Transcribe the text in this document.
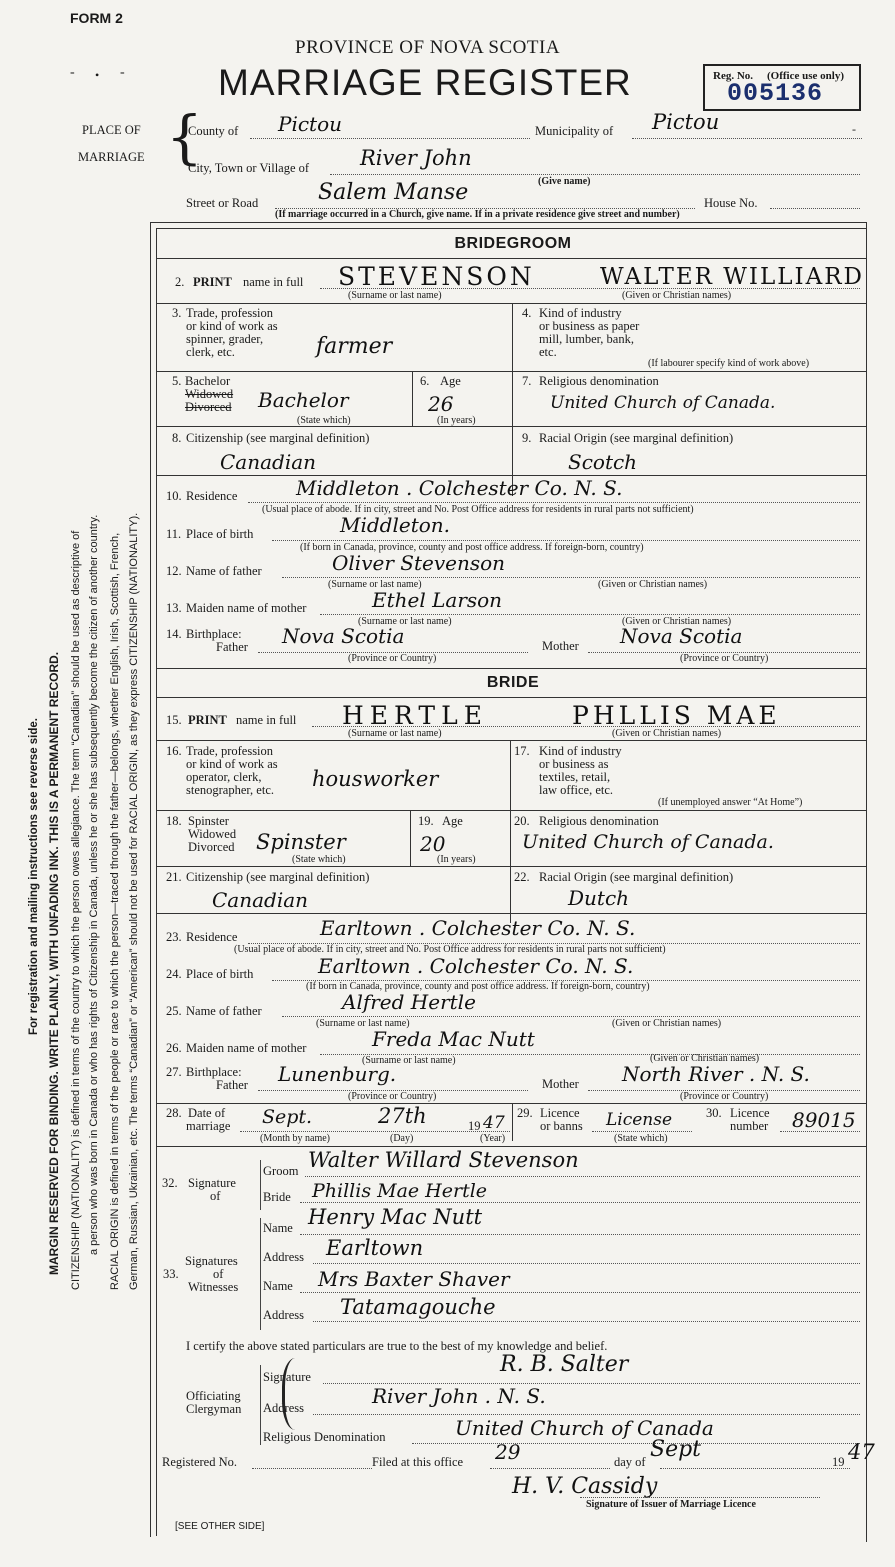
FORM 2
- • -
PROVINCE OF NOVA SCOTIA
MARRIAGE REGISTER	Reg. No. (Office use only)
005136
PLACE OF
MARRIAGE {
County of Pictou	Municipality of Pictou	-
City, Town or Village of River John
(Give name)
Street or Road	Salem Manse	House No.
(If marriage occurred in a Church, give name. If in a private residence give street and number)
For registration and mailing instructions see reverse side. MARGIN RESERVED FOR BINDING. WRITE PLAINLY, WITH UNFADING INK. THIS IS A PERMANENT RECORD. CITIZENSHIP (NATIONALITY) is defined in terms of the country to which the person owes allegiance. The term “Canadian” should be used as descriptive of a person who was born in Canada or who has rights of Citizenship in Canada, unless he or she has subsequently become the citizen of another country. RACIAL ORIGIN is defined in terms of the people or race to which the person—traced through the father—belongs, whether English, Irish, Scottish, French, German, Russian, Ukrainian, etc. The terms “Canadian” or “American” should not be used for RACIAL ORIGIN, as they express CITIZENSHIP (NATIONALITY).
BRIDEGROOM
2. PRINT name in full STEVENSON	WALTER WILLIARD
(Surname or last name)	(Given or Christian names)
3. Trade, profession
or kind of work as
spinner, grader,
clerk, etc.	farmer
4. Kind of industry
or business as paper
mill, lumber, bank,
etc.
(If labourer specify kind of work above)
5. Bachelor
Widowed
Divorced Bachelor
(State which)
6. Age
26
(In years)
7. Religious denomination
United Church of Canada.
8. Citizenship (see marginal definition)
Canadian
9. Racial Origin (see marginal definition)
Scotch
10. Residence	Middleton . Colchester Co. N. S.
(Usual place of abode. If in city, street and No. Post Office address for residents in rural parts not sufficient)
11. Place of birth	Middleton.
(If born in Canada, province, county and post office address. If foreign-born, country)
12. Name of father	Oliver Stevenson
(Surname or last name)	(Given or Christian names)
13. Maiden name of mother	Ethel Larson
(Surname or last name)	(Given or Christian names)
14. Birthplace:
Father Nova Scotia	Mother Nova Scotia
(Province or Country)	(Province or Country)
BRIDE
15. PRINT name in full HERTLE	PHLLIS MAE
(Surname or last name)	(Given or Christian names)
16. Trade, profession
or kind of work as
operator, clerk,
stenographer, etc. housworker
17. Kind of industry
or business as
textiles, retail,
law office, etc.
(If unemployed answer “At Home”)
18. Spinster
Widowed
Divorced Spinster
(State which)
19. Age
20
(In years)
20. Religious denomination
United Church of Canada.
21. Citizenship (see marginal definition)
Canadian
22. Racial Origin (see marginal definition)
Dutch
23. Residence	Earltown . Colchester Co. N. S.
(Usual place of abode. If in city, street and No. Post Office address for residents in rural parts not sufficient)
24. Place of birth	Earltown . Colchester Co. N. S.
(If born in Canada, province, county and post office address. If foreign-born, country)
25. Name of father	Alfred Hertle
(Surname or last name)	(Given or Christian names)
26. Maiden name of mother	Freda Mac Nutt
(Surname or last name)	(Given or Christian names)
27. Birthplace:
Father Lunenburg.	Mother North River . N. S.
(Province or Country)	(Province or Country)
28. Date of
marriage Sept.	27th	19 47
(Month by name)	(Day)	(Year)
29. Licence
or banns License
(State which)
30. Licence
number 89015
32. Signature
of
Groom Walter Willard Stevenson
Bride Phillis Mae Hertle
33.
Signatures
of
Witnesses
Name Henry Mac Nutt
Address Earltown
Name Mrs Baxter Shaver
Address Tatamagouche
I certify the above stated particulars are true to the best of my knowledge and belief.
Officiating
Clergyman
Signature	R. B. Salter
Address	River John . N. S.
Religious Denomination	United Church of Canada
Registered No.	Filed at this office 29	day of Sept	19 47
H. V. Cassidy
Signature of Issuer of Marriage Licence
[SEE OTHER SIDE]
